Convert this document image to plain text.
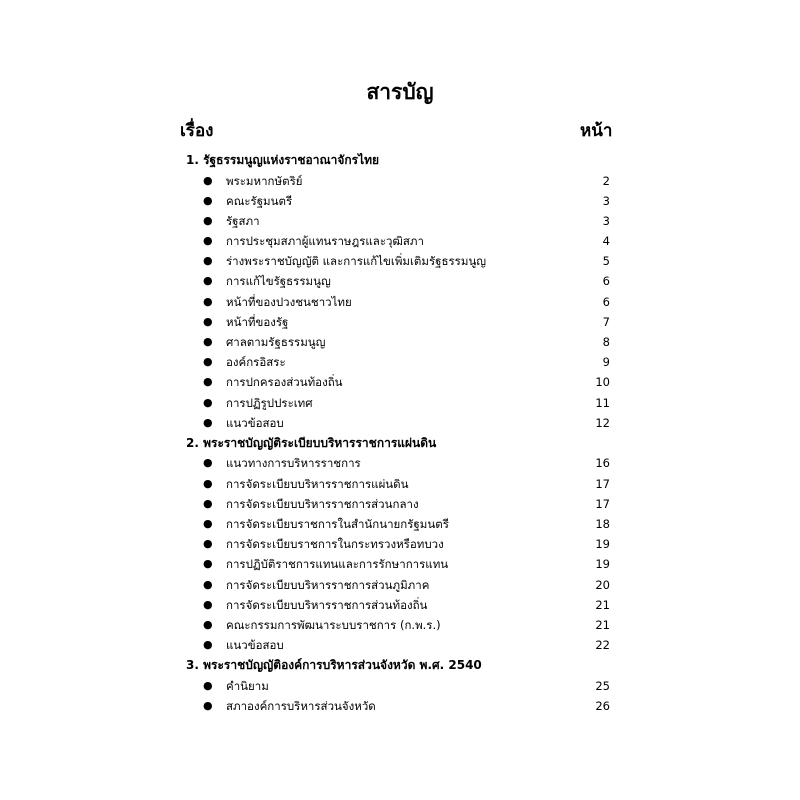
สารบัญ
เรื่อง	หน้า
1. รัฐธรรมนูญแห่งราชอาณาจักรไทย
● พระมหากษัตริย์	2
● คณะรัฐมนตรี	3
● รัฐสภา	3
● การประชุมสภาผู้แทนราษฎรและวุฒิสภา	4
● ร่างพระราชบัญญัติ และการแก้ไขเพิ่มเติมรัฐธรรมนูญ	5
● การแก้ไขรัฐธรรมนูญ	6
● หน้าที่ของปวงชนชาวไทย	6
● หน้าที่ของรัฐ	7
● ศาลตามรัฐธรรมนูญ	8
● องค์กรอิสระ	9
● การปกครองส่วนท้องถิ่น	10
● การปฏิรูปประเทศ	11
● แนวข้อสอบ	12
2. พระราชบัญญัติระเบียบบริหารราชการแผ่นดิน
● แนวทางการบริหารราชการ	16
● การจัดระเบียบบริหารราชการแผ่นดิน	17
● การจัดระเบียบบริหารราชการส่วนกลาง	17
● การจัดระเบียบราชการในสำนักนายกรัฐมนตรี	18
● การจัดระเบียบราชการในกระทรวงหรือทบวง	19
● การปฏิบัติราชการแทนและการรักษาการแทน	19
● การจัดระเบียบบริหารราชการส่วนภูมิภาค	20
● การจัดระเบียบบริหารราชการส่วนท้องถิ่น	21
● คณะกรรมการพัฒนาระบบราชการ (ก.พ.ร.)	21
● แนวข้อสอบ	22
3. พระราชบัญญัติองค์การบริหารส่วนจังหวัด พ.ศ. 2540
● คำนิยาม	25
● สภาองค์การบริหารส่วนจังหวัด	26
